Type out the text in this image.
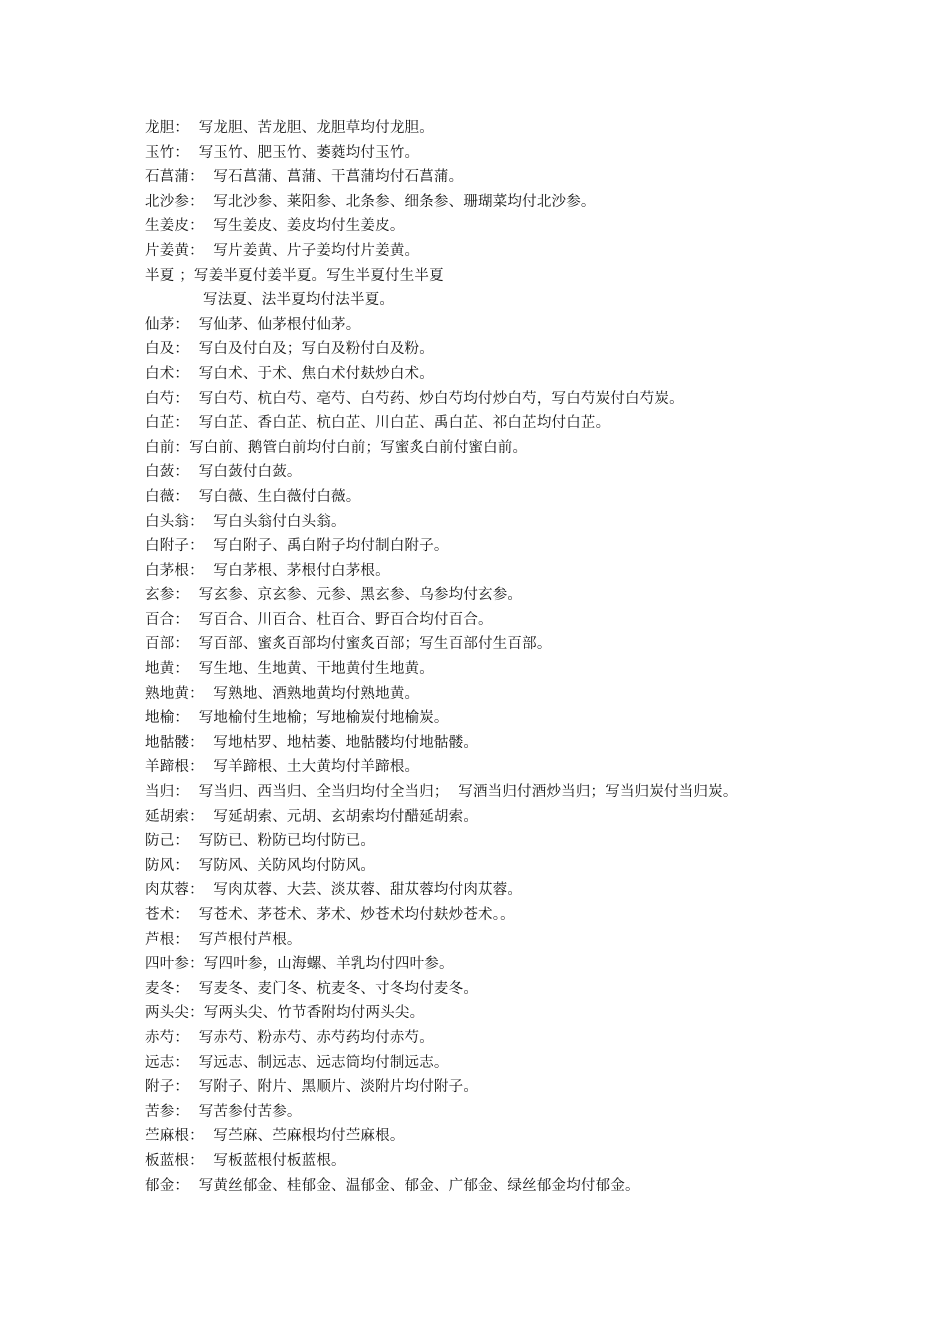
龙胆：  写龙胆、苦龙胆、龙胆草均付龙胆。
玉竹：  写玉竹、肥玉竹、萎蕤均付玉竹。
石菖蒲：  写石菖蒲、菖蒲、干菖蒲均付石菖蒲。
北沙参：  写北沙参、莱阳参、北条参、细条参、珊瑚菜均付北沙参。
生姜皮：  写生姜皮、姜皮均付生姜皮。
片姜黄：  写片姜黄、片子姜均付片姜黄。
半夏 ；写姜半夏付姜半夏。写生半夏付生半夏
写法夏、法半夏均付法半夏。
仙茅：  写仙茅、仙茅根付仙茅。
白及：  写白及付白及；写白及粉付白及粉。
白术：  写白术、于术、焦白术付麸炒白术。
白芍：  写白芍、杭白芍、亳芍、白芍药、炒白芍均付炒白芍，写白芍炭付白芍炭。
白芷：  写白芷、香白芷、杭白芷、川白芷、禹白芷、祁白芷均付白芷。
白前：写白前、鹅管白前均付白前；写蜜炙白前付蜜白前。
白蔹：  写白蔹付白蔹。
白薇：  写白薇、生白薇付白薇。
白头翁：  写白头翁付白头翁。
白附子：  写白附子、禹白附子均付制白附子。
白茅根：  写白茅根、茅根付白茅根。
玄参：  写玄参、京玄参、元参、黑玄参、乌参均付玄参。
百合：  写百合、川百合、杜百合、野百合均付百合。
百部：  写百部、蜜炙百部均付蜜炙百部；写生百部付生百部。
地黄：  写生地、生地黄、干地黄付生地黄。
熟地黄：  写熟地、酒熟地黄均付熟地黄。
地榆：  写地榆付生地榆；写地榆炭付地榆炭。
地骷髅：  写地枯罗、地枯萎、地骷髅均付地骷髅。
羊蹄根：  写羊蹄根、土大黄均付羊蹄根。
当归：  写当归、西当归、全当归均付全当归；  写酒当归付酒炒当归；写当归炭付当归炭。
延胡索：  写延胡索、元胡、玄胡索均付醋延胡索。
防己：  写防已、粉防已均付防已。
防风：  写防风、关防风均付防风。
肉苁蓉：  写肉苁蓉、大芸、淡苁蓉、甜苁蓉均付肉苁蓉。
苍术：  写苍术、茅苍术、茅术、炒苍术均付麸炒苍术。。
芦根：  写芦根付芦根。
四叶参：写四叶参，山海螺、羊乳均付四叶参。
麦冬：  写麦冬、麦门冬、杭麦冬、寸冬均付麦冬。
两头尖：写两头尖、竹节香附均付两头尖。
赤芍：  写赤芍、粉赤芍、赤芍药均付赤芍。
远志：  写远志、制远志、远志筒均付制远志。
附子：  写附子、附片、黑顺片、淡附片均付附子。
苦参：  写苦参付苦参。
苎麻根：  写苎麻、苎麻根均付苎麻根。
板蓝根：  写板蓝根付板蓝根。
郁金：  写黄丝郁金、桂郁金、温郁金、郁金、广郁金、绿丝郁金均付郁金。
